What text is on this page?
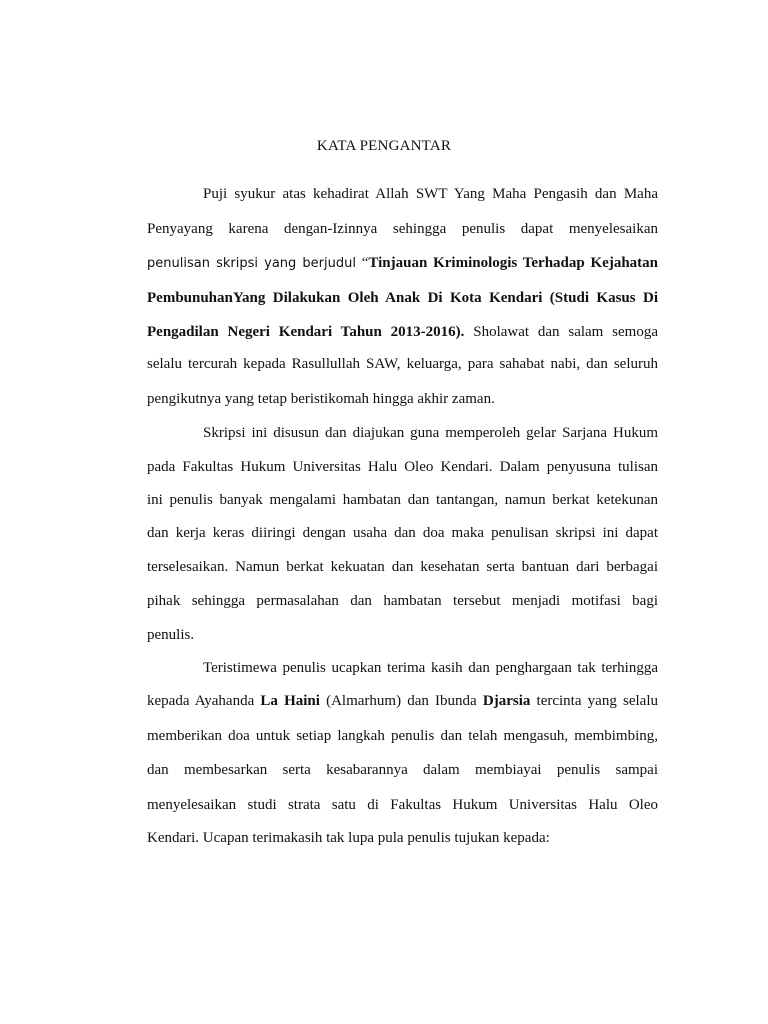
KATA PENGANTAR
Puji syukur atas kehadirat Allah SWT Yang Maha Pengasih dan Maha
Penyayang karena dengan-Izinnya sehingga penulis dapat menyelesaikan
penulisan skripsi yang berjudul “Tinjauan Kriminologis Terhadap Kejahatan
PembunuhanYang Dilakukan Oleh Anak Di Kota Kendari (Studi Kasus Di
Pengadilan Negeri Kendari Tahun 2013-2016). Sholawat dan salam semoga
selalu tercurah kepada Rasullullah SAW, keluarga, para sahabat nabi, dan seluruh
pengikutnya yang tetap beristikomah hingga akhir zaman.
Skripsi ini disusun dan diajukan guna memperoleh gelar Sarjana Hukum
pada Fakultas Hukum Universitas Halu Oleo Kendari. Dalam penyusuna tulisan
ini penulis banyak mengalami hambatan dan tantangan, namun berkat ketekunan
dan kerja keras diiringi dengan usaha dan doa maka penulisan skripsi ini dapat
terselesaikan. Namun berkat kekuatan dan kesehatan serta bantuan dari berbagai
pihak sehingga permasalahan dan hambatan tersebut menjadi motifasi bagi
penulis.
Teristimewa penulis ucapkan terima kasih dan penghargaan tak terhingga
kepada Ayahanda La Haini (Almarhum) dan Ibunda Djarsia tercinta yang selalu
memberikan doa untuk setiap langkah penulis dan telah mengasuh, membimbing,
dan membesarkan serta kesabarannya dalam membiayai penulis sampai
menyelesaikan studi strata satu di Fakultas Hukum Universitas Halu Oleo
Kendari. Ucapan terimakasih tak lupa pula penulis tujukan kepada:
